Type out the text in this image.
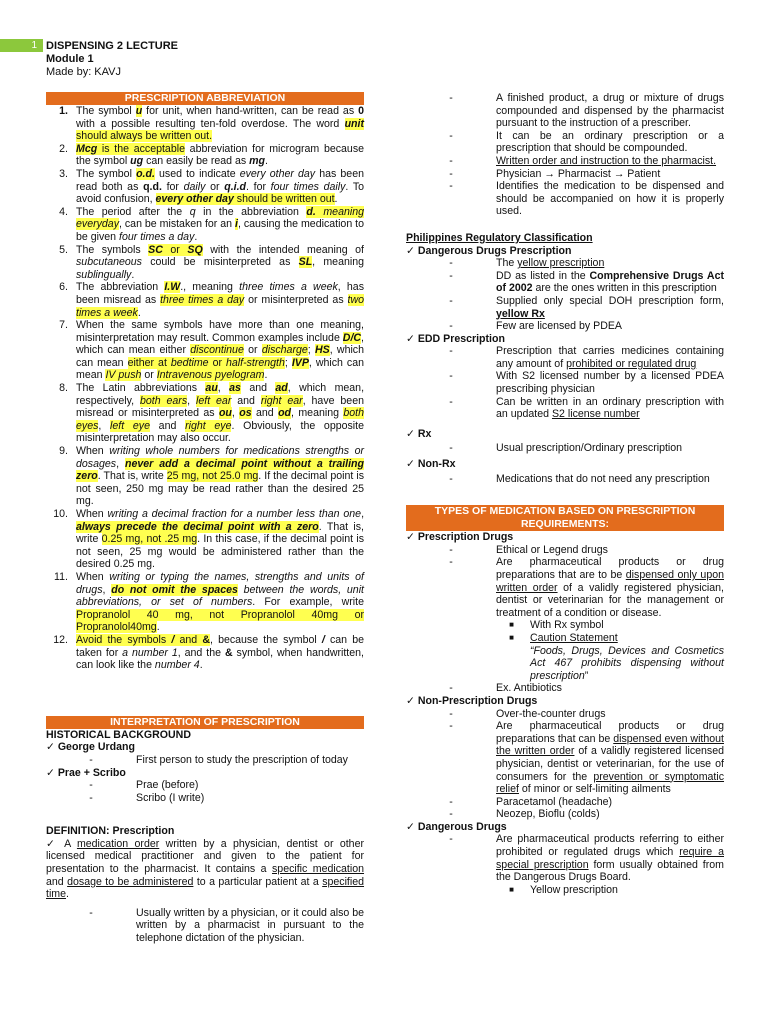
1 DISPENSING 2 LECTURE
Module 1
Made by: KAVJ
PRESCRIPTION ABBREVIATION
1. The symbol u for unit, when hand-written, can be read as 0 with a possible resulting ten-fold overdose. The word unit should always be written out.
2. Mcg is the acceptable abbreviation for microgram because the symbol ug can easily be read as mg.
3. The symbol o.d. used to indicate every other day has been read both as q.d. for daily or q.i.d. for four times daily. To avoid confusion, every other day should be written out.
4. The period after the q in the abbreviation d. meaning everyday, can be mistaken for an i, causing the medication to be given four times a day.
5. The symbols SC or SQ with the intended meaning of subcutaneous could be misinterpreted as SL, meaning sublingually.
6. The abbreviation I.W., meaning three times a week, has been misread as three times a day or misinterpreted as two times a week.
7. When the same symbols have more than one meaning, misinterpretation may result. Common examples include D/C, which can mean either discontinue or discharge; HS, which can mean either at bedtime or half-strength; IVP, which can mean IV push or Intravenous pyelogram.
8. The Latin abbreviations au, as and ad, which mean, respectively, both ears, left ear and right ear, have been misread or misinterpreted as ou, os and od, meaning both eyes, left eye and right eye. Obviously, the opposite misinterpretation may also occur.
9. When writing whole numbers for medications strengths or dosages, never add a decimal point without a trailing zero. That is, write 25 mg, not 25.0 mg. If the decimal point is not seen, 250 mg may be read rather than the desired 25 mg.
10. When writing a decimal fraction for a number less than one, always precede the decimal point with a zero. That is, write 0.25 mg, not .25 mg. In this case, if the decimal point is not seen, 25 mg would be administered rather than the desired 0.25 mg.
11. When writing or typing the names, strengths and units of drugs, do not omit the spaces between the words, unit abbreviations, or set of numbers. For example, write Propranolol 40 mg, not Propranolol 40mg or Propranolol40mg.
12. Avoid the symbols / and &, because the symbol / can be taken for a number 1, and the & symbol, when handwritten, can look like the number 4.
INTERPRETATION OF PRESCRIPTION
HISTORICAL BACKGROUND
✓ George Urdang
-	First person to study the prescription of today
✓ Prae + Scribo
-	Prae (before)
-	Scribo (I write)
DEFINITION: Prescription
✓ A medication order written by a physician, dentist or other licensed medical practitioner and given to the patient for presentation to the pharmacist. It contains a specific medication and dosage to be administered to a particular patient at a specified time.
-	Usually written by a physician, or it could also be written by a pharmacist in pursuant to the telephone dictation of the physician.
-	A finished product, a drug or mixture of drugs compounded and dispensed by the pharmacist pursuant to the instruction of a prescriber.
-	It can be an ordinary prescription or a prescription that should be compounded.
-	Written order and instruction to the pharmacist.
-	Physician → Pharmacist → Patient
-	Identifies the medication to be dispensed and should be accompanied on how it is properly used.
Philippines Regulatory Classification
✓ Dangerous Drugs Prescription
-	The yellow prescription
-	DD as listed in the Comprehensive Drugs Act of 2002 are the ones written in this prescription
-	Supplied only special DOH prescription form, yellow Rx
-	Few are licensed by PDEA
✓ EDD Prescription
-	Prescription that carries medicines containing any amount of prohibited or regulated drug
-	With S2 licensed number by a licensed PDEA prescribing physician
-	Can be written in an ordinary prescription with an updated S2 license number
✓ Rx
-	Usual prescription/Ordinary prescription
✓ Non-Rx
-	Medications that do not need any prescription
TYPES OF MEDICATION BASED ON PRESCRIPTION REQUIREMENTS:
✓ Prescription Drugs
-	Ethical or Legend drugs
-	Are pharmaceutical products or drug preparations that are to be dispensed only upon written order of a validly registered physician, dentist or veterinarian for the management or treatment of a condition or disease.
■	With Rx symbol
■	Caution Statement
“Foods, Drugs, Devices and Cosmetics Act 467 prohibits dispensing without prescription”
-	Ex. Antibiotics
✓ Non-Prescription Drugs
-	Over-the-counter drugs
-	Are pharmaceutical products or drug preparations that can be dispensed even without the written order of a validly registered licensed physician, dentist or veterinarian, for the use of consumers for the prevention or symptomatic relief of minor or self-limiting ailments
-	Paracetamol (headache)
-	Neozep, Bioflu (colds)
✓ Dangerous Drugs
-	Are pharmaceutical products referring to either prohibited or regulated drugs which require a special prescription form usually obtained from the Dangerous Drugs Board.
■	Yellow prescription
